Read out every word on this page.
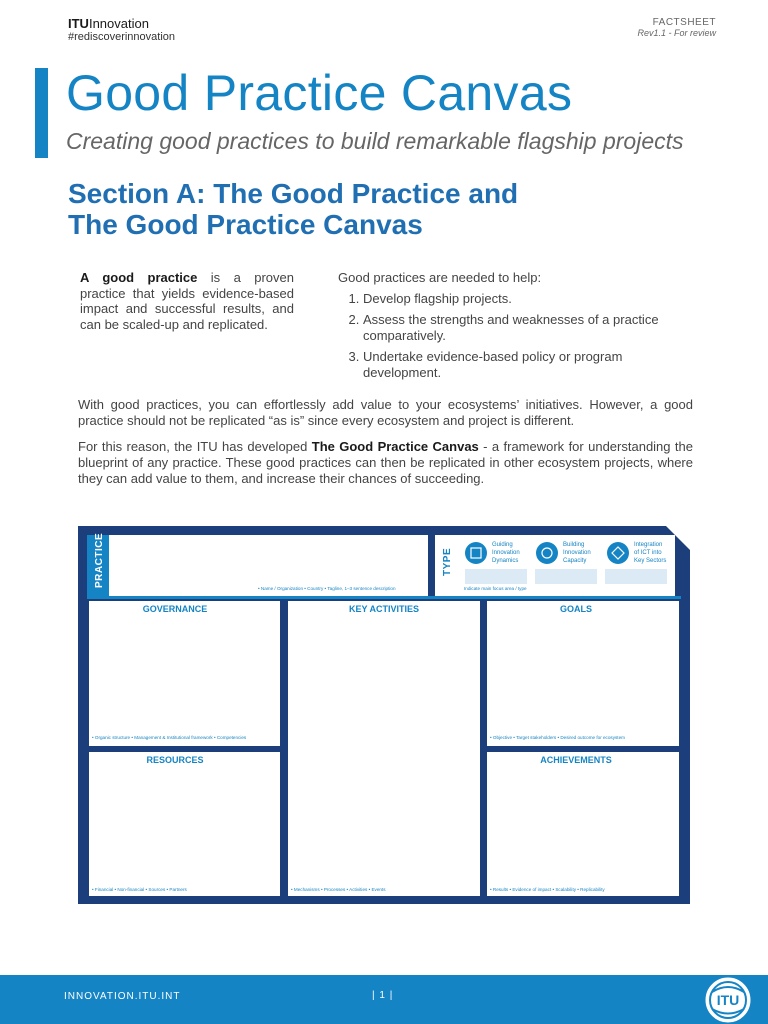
ITUInnovation
#rediscoverinnovation
FACTSHEET
Rev1.1 - For review
Good Practice Canvas
Creating good practices to build remarkable flagship projects
Section A: The Good Practice and
The Good Practice Canvas
A good practice is a proven practice that yields evidence-based impact and successful results, and can be scaled-up and replicated.
Good practices are needed to help:
1. Develop flagship projects.
2. Assess the strengths and weaknesses of a practice comparatively.
3. Undertake evidence-based policy or program development.

With good practices, you can effortlessly add value to your ecosystems’ initiatives. However, a good practice should not be replicated “as is” since every ecosystem and project is different.

For this reason, the ITU has developed The Good Practice Canvas - a framework for understanding the blueprint of any practice. These good practices can then be replicated in other ecosystem projects, where they can add value to them, and increase their chances of succeeding.

PRACTICE
• Name / Organization • Country • Tagline, 1–3 sentence description
TYPE
Guiding
Innovation
Dynamics
Building
Innovation
Capacity
Integration
of ICT into
Key Sectors
Indicate main focus area / type
GOVERNANCE	KEY ACTIVITIES	GOALS
RESOURCES	ACHIEVEMENTS
• Organic structure • Management & Institutional framework • Competencies	• Objective • Target stakeholders • Desired outcome for ecosystem
• Financial • Non-financial • Sources • Partners	• Mechanisms • Processes • Activities • Events	• Results • Evidence of impact • Scalability • Replicability
INNOVATION.ITU.INT	| 1 |	ITU
